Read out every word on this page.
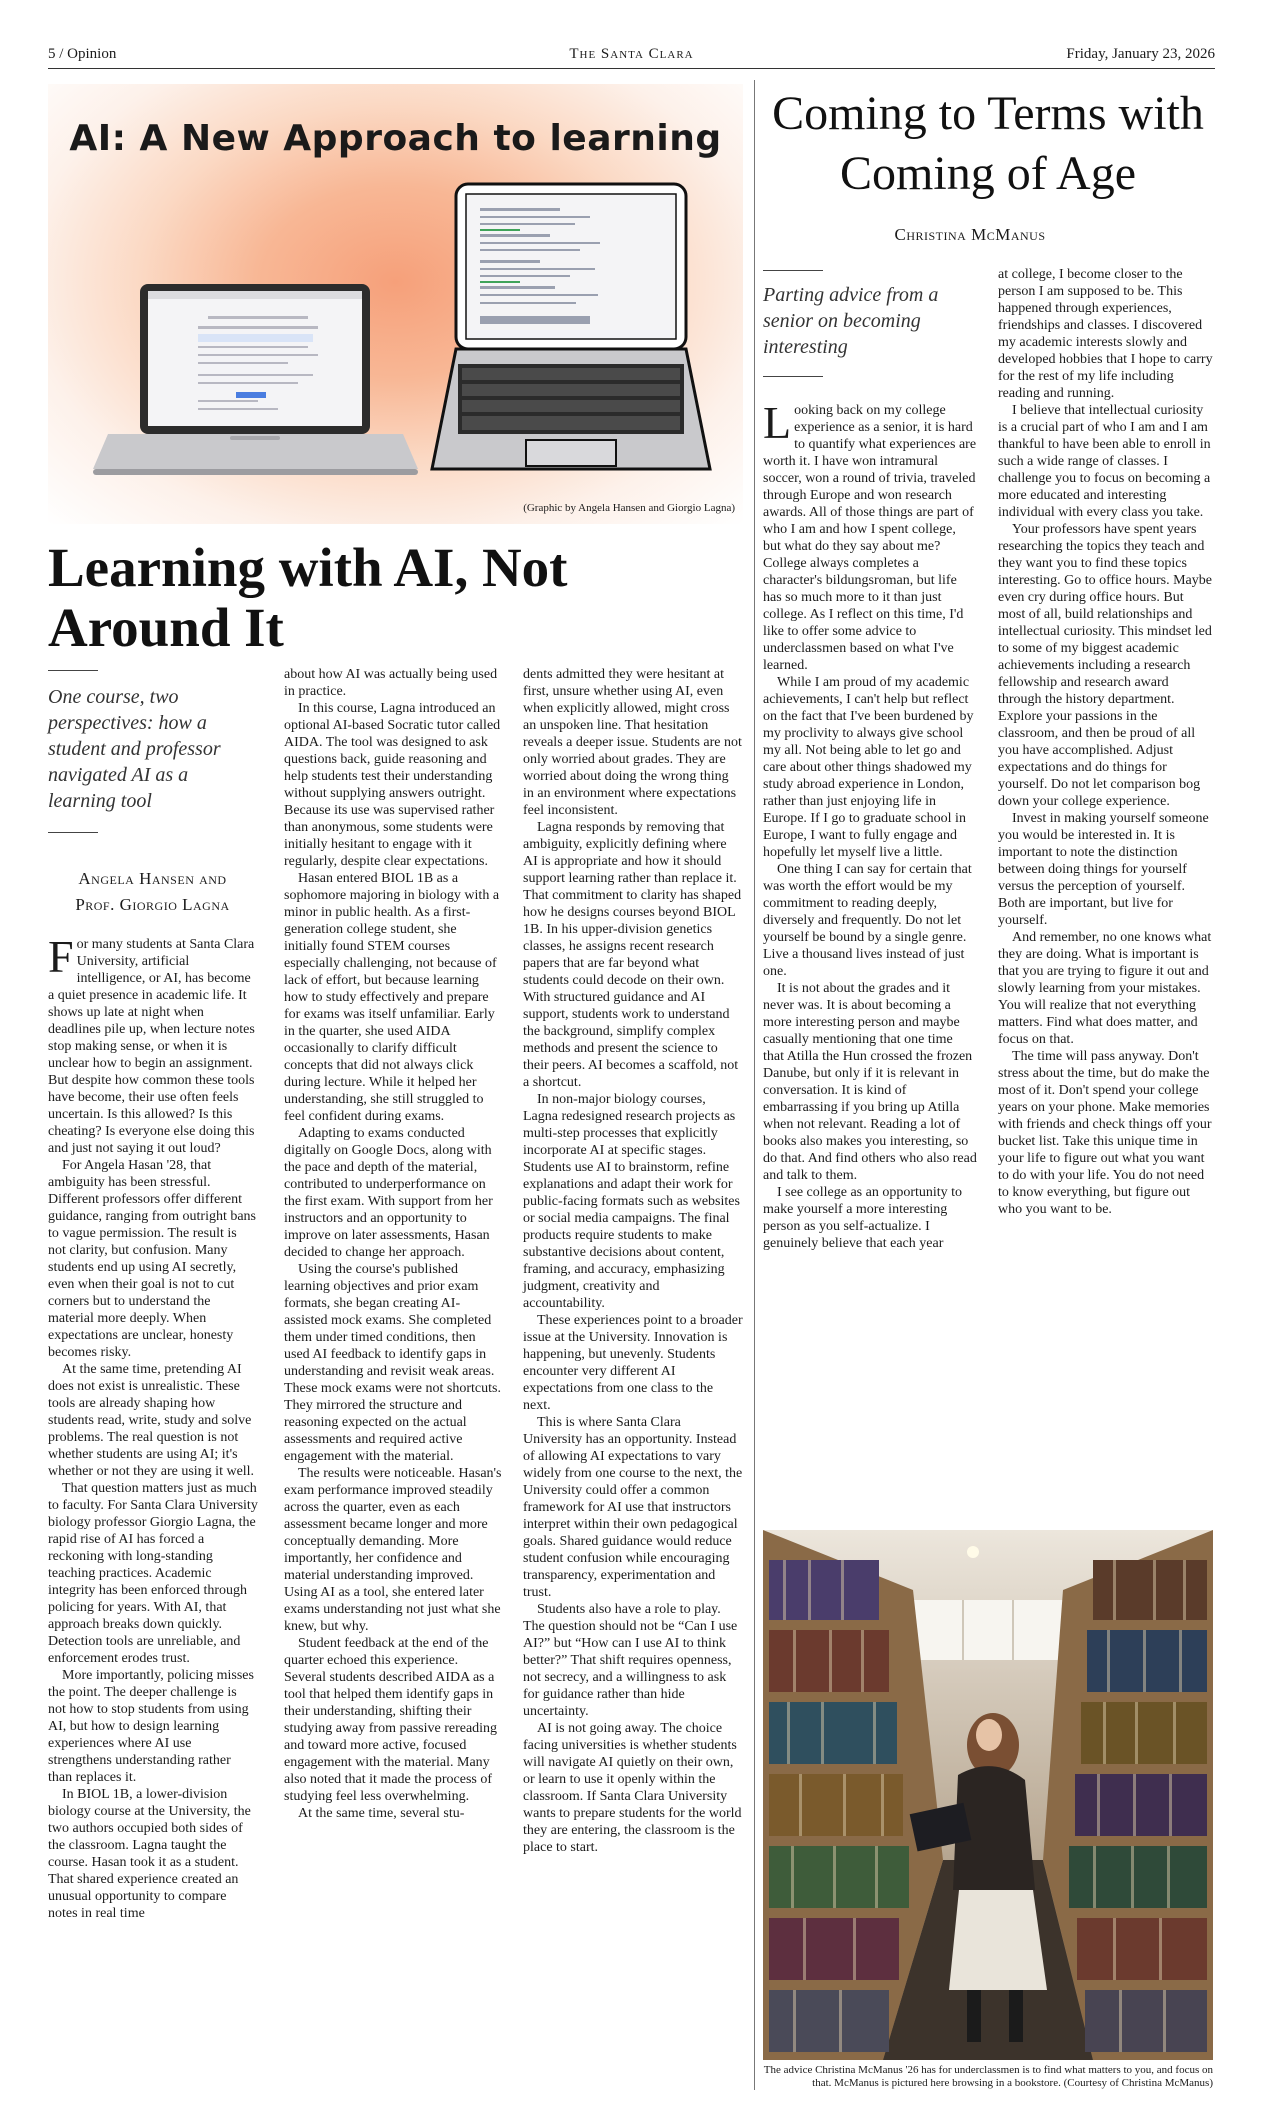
5 / Opinion	The Santa Clara	Friday, January 23, 2026
AI: A New Approach to learning
(Graphic by Angela Hansen and Giorgio Lagna)
Learning with AI, Not Around It
One course, two perspectives: how a student and professor navigated AI as a learning tool
Angela Hansen and
Prof. Giorgio Lagna

For many students at Santa Clara University, artificial intelligence, or AI, has become a quiet presence in academic life. It shows up late at night when deadlines pile up, when lecture notes stop making sense, or when it is unclear how to begin an assignment. But despite how common these tools have become, their use often feels uncertain. Is this allowed? Is this cheating? Is everyone else doing this and just not saying it out loud?

For Angela Hasan '28, that ambiguity has been stressful. Different professors offer different guidance, ranging from outright bans to vague permission. The result is not clarity, but confusion. Many students end up using AI secretly, even when their goal is not to cut corners but to understand the material more deeply. When expectations are unclear, honesty becomes risky.

At the same time, pretending AI does not exist is unrealistic. These tools are already shaping how students read, write, study and solve problems. The real question is not whether students are using AI; it's whether or not they are using it well.

That question matters just as much to faculty. For Santa Clara University biology professor Giorgio Lagna, the rapid rise of AI has forced a reckoning with long-standing teaching practices. Academic integrity has been enforced through policing for years. With AI, that approach breaks down quickly. Detection tools are unreliable, and enforcement erodes trust.

More importantly, policing misses the point. The deeper challenge is not how to stop students from using AI, but how to design learning experiences where AI use strengthens understanding rather than replaces it.

In BIOL 1B, a lower-division biology course at the University, the two authors occupied both sides of the classroom. Lagna taught the course. Hasan took it as a student. That shared experience created an unusual opportunity to compare notes in real time

about how AI was actually being used in practice.

In this course, Lagna introduced an optional AI-based Socratic tutor called AIDA. The tool was designed to ask questions back, guide reasoning and help students test their understanding without supplying answers outright. Because its use was supervised rather than anonymous, some students were initially hesitant to engage with it regularly, despite clear expectations.

Hasan entered BIOL 1B as a sophomore majoring in biology with a minor in public health. As a first-generation college student, she initially found STEM courses especially challenging, not because of lack of effort, but because learning how to study effectively and prepare for exams was itself unfamiliar. Early in the quarter, she used AIDA occasionally to clarify difficult concepts that did not always click during lecture. While it helped her understanding, she still struggled to feel confident during exams.

Adapting to exams conducted digitally on Google Docs, along with the pace and depth of the material, contributed to underperformance on the first exam. With support from her instructors and an opportunity to improve on later assessments, Hasan decided to change her approach.

Using the course's published learning objectives and prior exam formats, she began creating AI-assisted mock exams. She completed them under timed conditions, then used AI feedback to identify gaps in understanding and revisit weak areas. These mock exams were not shortcuts. They mirrored the structure and reasoning expected on the actual assessments and required active engagement with the material.

The results were noticeable. Hasan's exam performance improved steadily across the quarter, even as each assessment became longer and more conceptually demanding. More importantly, her confidence and material understanding improved. Using AI as a tool, she entered later exams understanding not just what she knew, but why.

Student feedback at the end of the quarter echoed this experience. Several students described AIDA as a tool that helped them identify gaps in their understanding, shifting their studying away from passive rereading and toward more active, focused engagement with the material. Many also noted that it made the process of studying feel less overwhelming.

At the same time, several stu-

dents admitted they were hesitant at first, unsure whether using AI, even when explicitly allowed, might cross an unspoken line. That hesitation reveals a deeper issue. Students are not only worried about grades. They are worried about doing the wrong thing in an environment where expectations feel inconsistent.

Lagna responds by removing that ambiguity, explicitly defining where AI is appropriate and how it should support learning rather than replace it. That commitment to clarity has shaped how he designs courses beyond BIOL 1B. In his upper-division genetics classes, he assigns recent research papers that are far beyond what students could decode on their own. With structured guidance and AI support, students work to understand the background, simplify complex methods and present the science to their peers. AI becomes a scaffold, not a shortcut.

In non-major biology courses, Lagna redesigned research projects as multi-step processes that explicitly incorporate AI at specific stages. Students use AI to brainstorm, refine explanations and adapt their work for public-facing formats such as websites or social media campaigns. The final products require students to make substantive decisions about content, framing, and accuracy, emphasizing judgment, creativity and accountability.

These experiences point to a broader issue at the University. Innovation is happening, but unevenly. Students encounter very different AI expectations from one class to the next.

This is where Santa Clara University has an opportunity. Instead of allowing AI expectations to vary widely from one course to the next, the University could offer a common framework for AI use that instructors interpret within their own pedagogical goals. Shared guidance would reduce student confusion while encouraging transparency, experimentation and trust.

Students also have a role to play. The question should not be “Can I use AI?” but “How can I use AI to think better?” That shift requires openness, not secrecy, and a willingness to ask for guidance rather than hide uncertainty.

AI is not going away. The choice facing universities is whether students will navigate AI quietly on their own, or learn to use it openly within the classroom. If Santa Clara University wants to prepare students for the world they are entering, the classroom is the place to start.

Coming to Terms with Coming of Age
Christina McManus
Parting advice from a senior on becoming interesting

Looking back on my college experience as a senior, it is hard to quantify what experiences are worth it. I have won intramural soccer, won a round of trivia, traveled through Europe and won research awards. All of those things are part of who I am and how I spent college, but what do they say about me? College always completes a character's bildungsroman, but life has so much more to it than just college. As I reflect on this time, I'd like to offer some advice to underclassmen based on what I've learned.

While I am proud of my academic achievements, I can't help but reflect on the fact that I've been burdened by my proclivity to always give school my all. Not being able to let go and care about other things shadowed my study abroad experience in London, rather than just enjoying life in Europe. If I go to graduate school in Europe, I want to fully engage and hopefully let myself live a little.

One thing I can say for certain that was worth the effort would be my commitment to reading deeply, diversely and frequently. Do not let yourself be bound by a single genre. Live a thousand lives instead of just one.

It is not about the grades and it never was. It is about becoming a more interesting person and maybe casually mentioning that one time that Atilla the Hun crossed the frozen Danube, but only if it is relevant in conversation. It is kind of embarrassing if you bring up Atilla when not relevant. Reading a lot of books also makes you interesting, so do that. And find others who also read and talk to them.

I see college as an opportunity to make yourself a more interesting person as you self-actualize. I genuinely believe that each year

at college, I become closer to the person I am supposed to be. This happened through experiences, friendships and classes. I discovered my academic interests slowly and developed hobbies that I hope to carry for the rest of my life including reading and running.

I believe that intellectual curiosity is a crucial part of who I am and I am thankful to have been able to enroll in such a wide range of classes. I challenge you to focus on becoming a more educated and interesting individual with every class you take.

Your professors have spent years researching the topics they teach and they want you to find these topics interesting. Go to office hours. Maybe even cry during office hours. But most of all, build relationships and intellectual curiosity. This mindset led to some of my biggest academic achievements including a research fellowship and research award through the history department. Explore your passions in the classroom, and then be proud of all you have accomplished. Adjust expectations and do things for yourself. Do not let comparison bog down your college experience.

Invest in making yourself someone you would be interested in. It is important to note the distinction between doing things for yourself versus the perception of yourself. Both are important, but live for yourself.

And remember, no one knows what they are doing. What is important is that you are trying to figure it out and slowly learning from your mistakes. You will realize that not everything matters. Find what does matter, and focus on that.

The time will pass anyway. Don't stress about the time, but do make the most of it. Don't spend your college years on your phone. Make memories with friends and check things off your bucket list. Take this unique time in your life to figure out what you want to do with your life. You do not need to know everything, but figure out who you want to be.

The advice Christina McManus '26 has for underclassmen is to find what matters to you, and focus on that. McManus is pictured here browsing in a bookstore. (Courtesy of Christina McManus)
